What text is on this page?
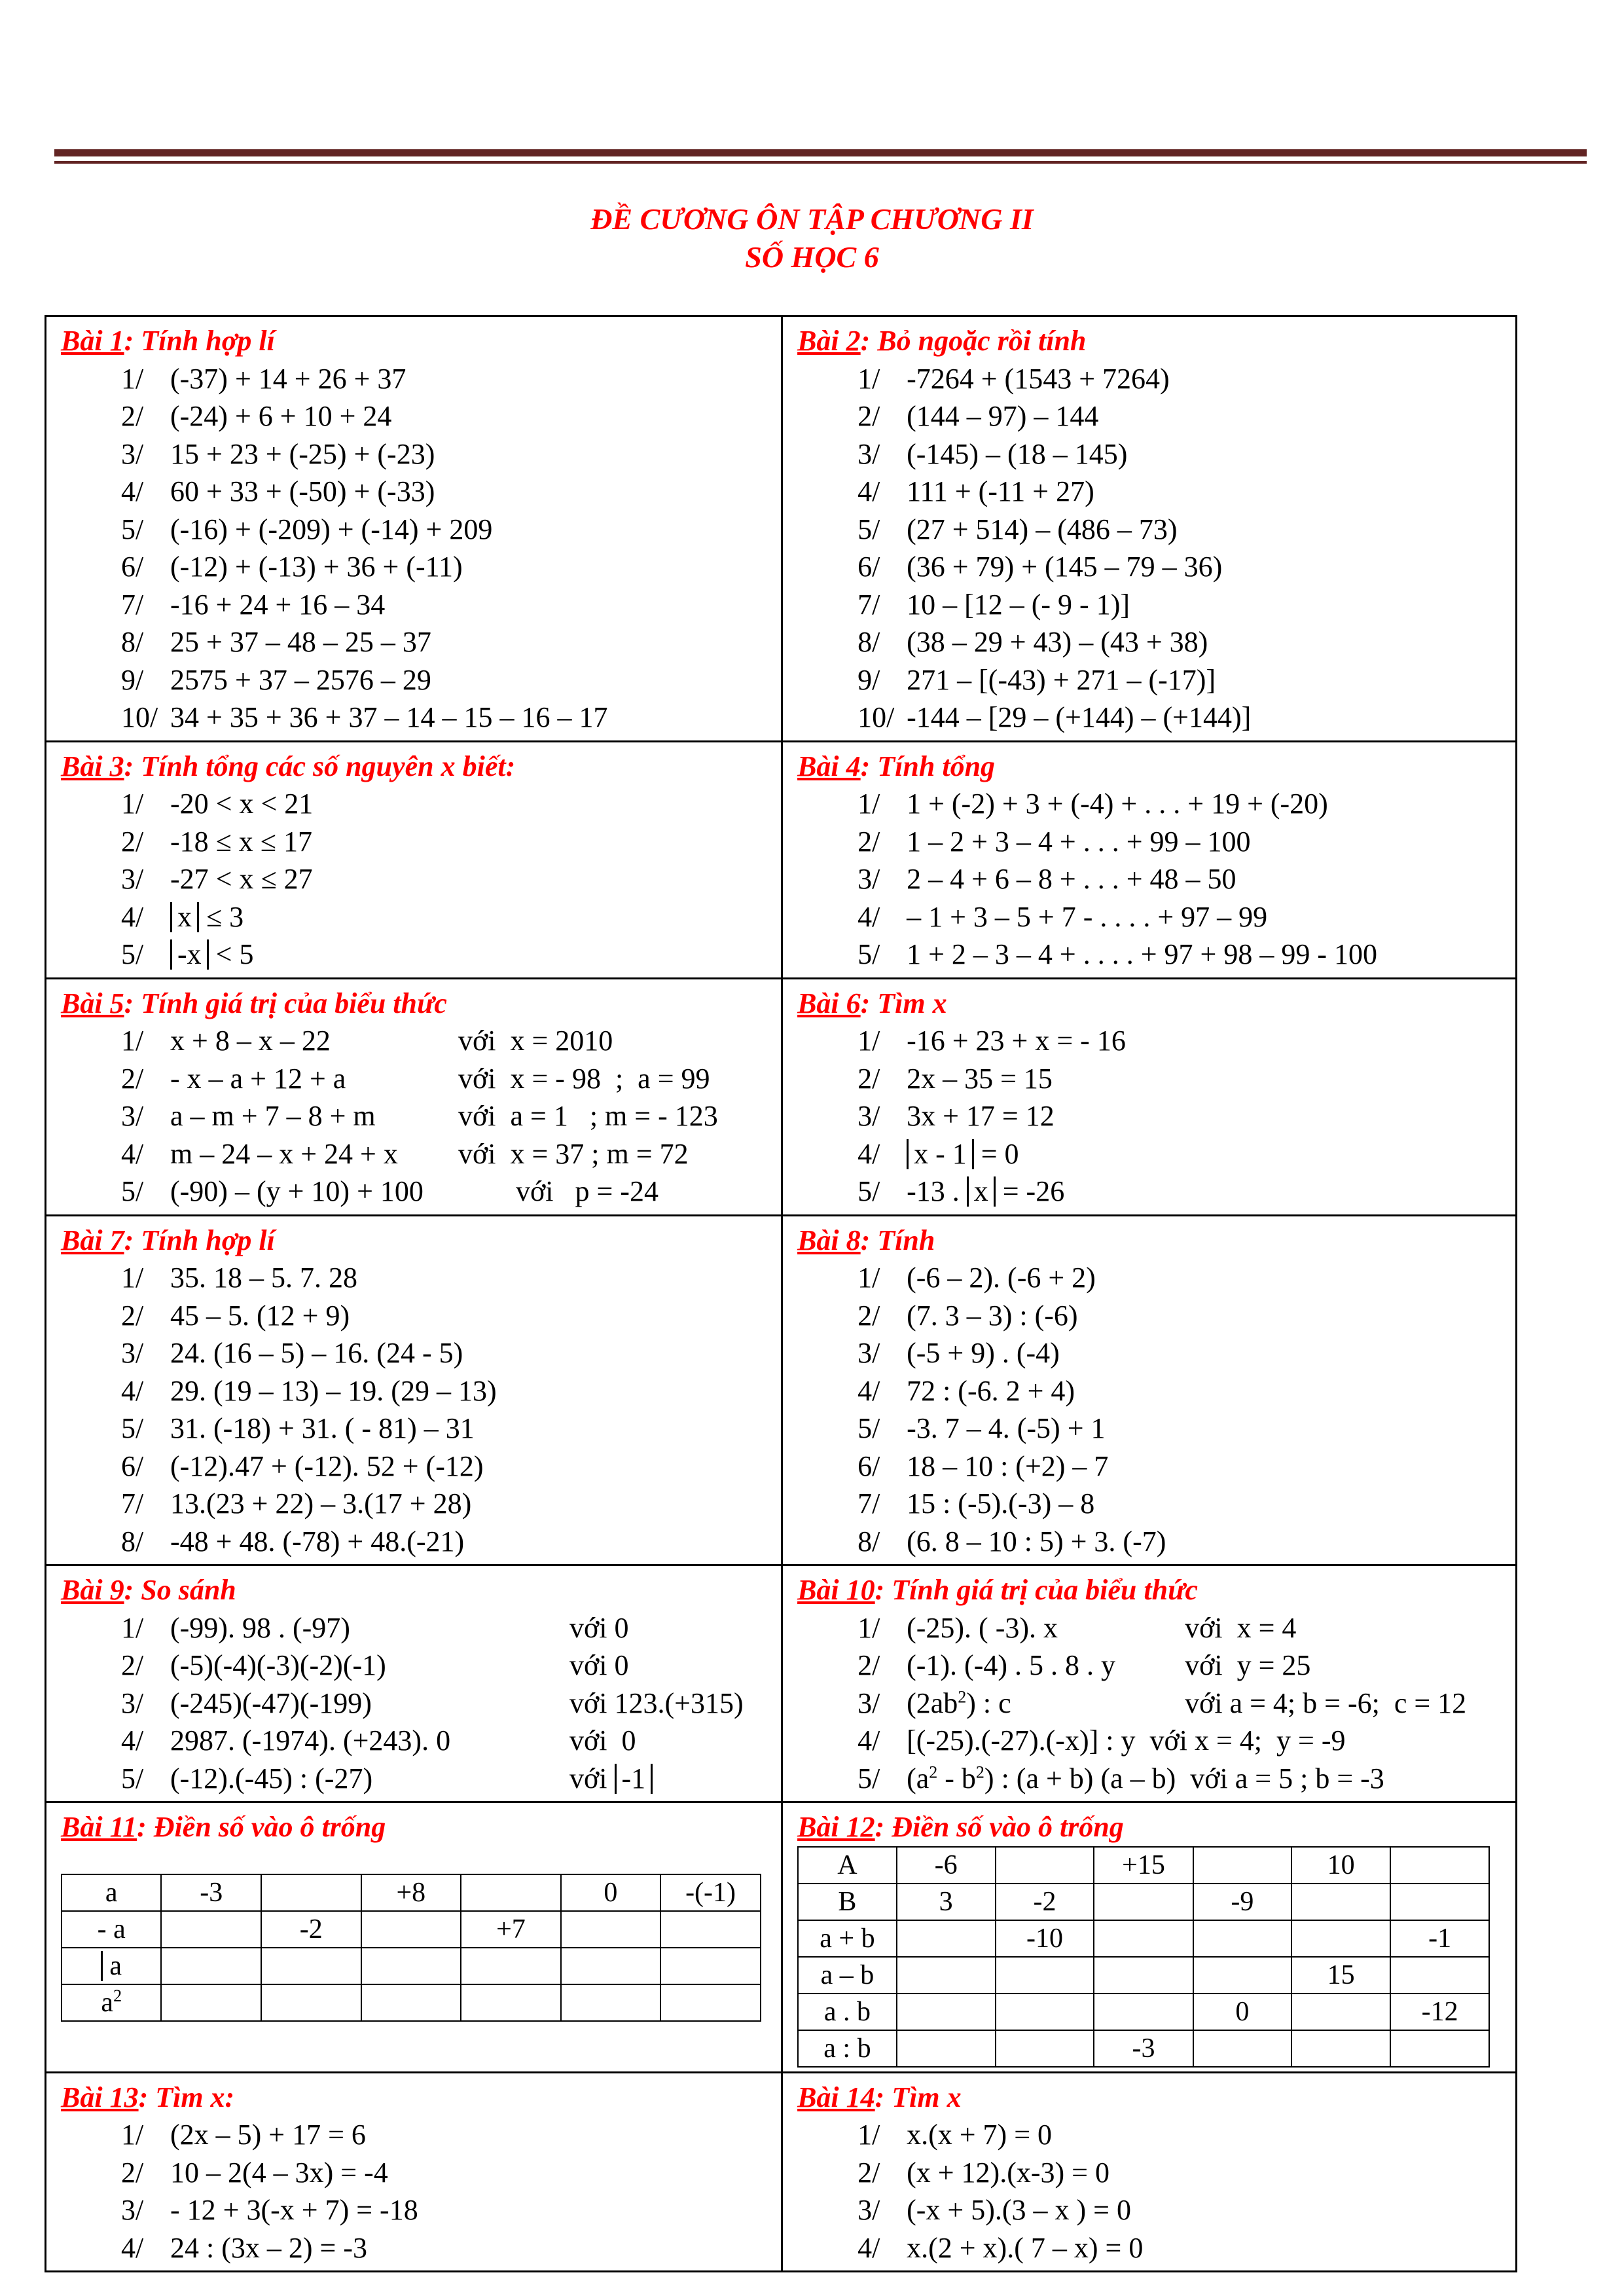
ĐỀ CƯƠNG ÔN TẬP CHƯƠNG II
SỐ HỌC 6
Bài 1: Tính hợp lí
1/ (-37) + 14 + 26 + 37
2/ (-24) + 6 + 10 + 24
3/ 15 + 23 + (-25) + (-23)
4/ 60 + 33 + (-50) + (-33)
5/ (-16) + (-209) + (-14) + 209
6/ (-12) + (-13) + 36 + (-11)
7/ -16 + 24 + 16 – 34
8/ 25 + 37 – 48 – 25 – 37
9/ 2575 + 37 – 2576 – 29
10/ 34 + 35 + 36 + 37 – 14 – 15 – 16 – 17

Bài 2: Bỏ ngoặc rồi tính
1/ -7264 + (1543 + 7264)
2/ (144 – 97) – 144
3/ (-145) – (18 – 145)
4/ 111 + (-11 + 27)
5/ (27 + 514) – (486 – 73)
6/ (36 + 79) + (145 – 79 – 36)
7/ 10 – [12 – (- 9 - 1)]
8/ (38 – 29 + 43) – (43 + 38)
9/ 271 – [(-43) + 271 – (-17)]
10/ -144 – [29 – (+144) – (+144)]

Bài 3: Tính tổng các số nguyên x biết:
1/ -20 < x < 21
2/ -18 ≤ x ≤ 17
3/ -27 < x ≤ 27
4/	x ≤ 3
5/	-x < 5

Bài 4: Tính tổng
1/ 1 + (-2) + 3 + (-4) + . . . + 19 + (-20)
2/ 1 – 2 + 3 – 4 + . . . + 99 – 100
3/ 2 – 4 + 6 – 8 + . . . + 48 – 50
4/ – 1 + 3 – 5 + 7 - . . . . + 97 – 99
5/ 1 + 2 – 3 – 4 + . . . . + 97 + 98 – 99 - 100

Bài 5: Tính giá trị của biểu thức
1/ x + 8 – x – 22	với  x = 2010
2/ - x – a + 12 + a	với  x = - 98  ;  a = 99
3/ a – m + 7 – 8 + m	với  a = 1   ; m = - 123
4/ m – 24 – x + 24 + x	với  x = 37 ; m = 72
5/ (-90) – (y + 10) + 100	với   p = -24

Bài 6: Tìm x
1/ -16 + 23 + x = - 16
2/ 2x – 35 = 15
3/ 3x + 17 = 12
4/	x - 1 = 0
5/ -13 . x = -26

Bài 7: Tính hợp lí
1/ 35. 18 – 5. 7. 28
2/ 45 – 5. (12 + 9)
3/ 24. (16 – 5) – 16. (24 - 5)
4/ 29. (19 – 13) – 19. (29 – 13)
5/ 31. (-18) + 31. ( - 81) – 31
6/ (-12).47 + (-12). 52 + (-12)
7/ 13.(23 + 22) – 3.(17 + 28)
8/ -48 + 48. (-78) + 48.(-21)

Bài 8: Tính
1/ (-6 – 2). (-6 + 2)
2/ (7. 3 – 3) : (-6)
3/ (-5 + 9) . (-4)
4/ 72 : (-6. 2 + 4)
5/ -3. 7 – 4. (-5) + 1
6/ 18 – 10 : (+2) – 7
7/ 15 : (-5).(-3) – 8
8/ (6. 8 – 10 : 5) + 3. (-7)

Bài 9: So sánh
1/ (-99). 98 . (-97)	với 0
2/ (-5)(-4)(-3)(-2)(-1)	với 0
3/ (-245)(-47)(-199)	với 123.(+315)
4/ 2987. (-1974). (+243). 0	với  0
5/ (-12).(-45) : (-27)	với -1

Bài 10: Tính giá trị của biểu thức
1/ (-25). ( -3). x	với  x = 4
2/ (-1). (-4) . 5 . 8 . y	với  y = 25
3/ $(2ab^2)$ : c	với a = 4; b = -6;  c = 12
4/ [(-25).(-27).(-x)] : y  với x = 4;  y = -9
5/ $(a^2 - b^2)$ : (a + b) (a – b)  với a = 5 ; b = -3

Bài 11: Điền số vào ô trống
a	-3		+8		0	-(-1)
- a		-2		+7		
a						
$a^2$						

Bài 12: Điền số vào ô trống
A	-6		+15		10	
B	3	-2		-9		
a + b		-10				-1
a – b					15	
a . b				0		-12
a : b			-3			

Bài 13: Tìm x:
1/ (2x – 5) + 17 = 6
2/ 10 – 2(4 – 3x) = -4
3/ - 12 + 3(-x + 7) = -18
4/ 24 : (3x – 2) = -3

Bài 14: Tìm x
1/ x.(x + 7) = 0
2/ (x + 12).(x-3) = 0
3/ (-x + 5).(3 – x ) = 0
4/ x.(2 + x).( 7 – x) = 0
